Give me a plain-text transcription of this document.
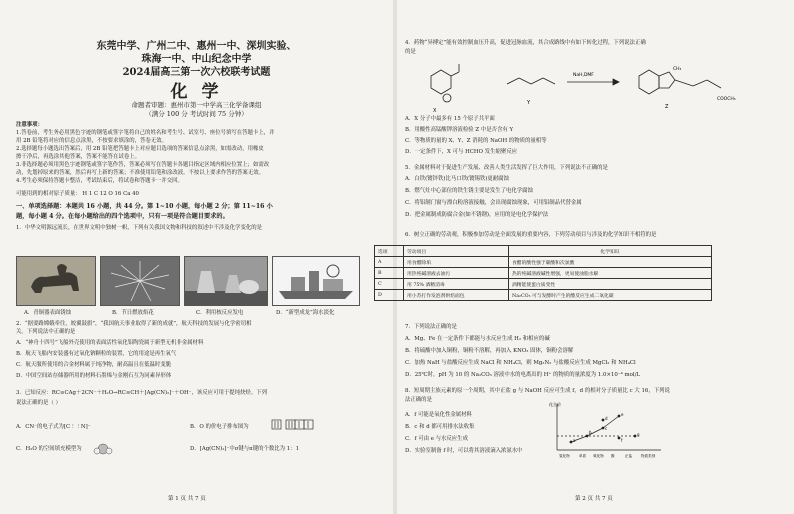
东莞中学、广州二中、惠州一中、深圳实验、
珠海一中、中山纪念中学
2024届高三第一次六校联考试题
化 学
命题者审题：惠州市第一中学高三化学备课组
（满分 100 分 考试时间 75 分钟）
注意事项：
1.答卷前，考生务必用黑色字迹的钢笔或签字笔将自己的姓名和考生号、试室号、座位号填写在答题卡上，并
用 2B 铅笔将对应的信息点涂黑，不按要求填涂的，答卷无效。
2.选择题每小题选出答案后，用 2B 铅笔把答题卡上对应题目选项的答案信息点涂黑，如需改动，用橡皮
擦干净后，再选涂其他答案，答案不能答在试卷上。
3.非选择题必须用黑色字迹钢笔或签字笔作答，答案必须写在答题卡各题目指定区域内相应位置上；如需改
动，先划掉原来的答案，然后再写上新的答案；不准使用铅笔和涂改液。不按以上要求作答的答案无效。
4.考生必须保持答题卡整洁，考试结束后，将试卷和答题卡一并交回。
可能用到的相对原子质量： H 1 C 12 O 16 Ca 40
一、单项选择题：本题共 16 小题，共 44 分。第 1~10 小题，每小题 2 分；第 11~16 小
题，每小题 4 分。在每小题给出的四个选项中，只有一项是符合题目要求的。
1．中华文明源远流长，在世界文明中独树一帜，下列有关我国文物和科技的叙述中不涉及化学变化的是
A．青铜器表面锈蚀	B．节日燃放焰花	C．利用核反应发电	D．“新型成龙”海水淡化
2．“据要路嫦娥牵往，皎翼鼓旗”，“我国航天事业取得了新的成就”，航天科技的发展与化学密切相
关。下列说法中正确的是
A．“神舟十四号”飞船外壳使用的表面活性氧化铝陶瓷属于新型无机非金属材料
B．航天飞船内安装盛有过氧化钠颗粒的装置，它的用途是再生氧气
C．航天服所使用的合金材料属于纯净物，耐高温且在低温时变脆
D．中国空间站存储器所用的材料石墨烯与金刚石互为同素异形体
3．已知反应：RC≡CAg＋2CN⁻＋H₂O→RC≡CH＋[Ag(CN)₂]⁻＋OH⁻，该反应可用于提纯炔烃。下列
说法正确的是（ ）
A．CN⁻的电子式为[C⋮⋮N]⁻	B．O 的价电子排布图为
C．H₂O 的空间填充模型为	D．[Ag(CN)₂]⁻中σ键与π键的个数比为 1：1
第 1 页 共 7 页
4．药物“异搏定”能有效控制血压升高，促进冠脉血流，其合成路线中有如下转化过程，下列说法正确
的是
X
Y
Z
NaH,DMF
CH₃
COOCH₃
A．X 分子中最多有 15 个原子共平面
B．用酸性高锰酸钾溶液检验 Z 中是否含有 Y
C．等物质的量的 X、Y、Z 消耗的 NaOH 的物质的量相等
D．一定条件下，X 可与 HCHO 发生缩聚反应
5．金属材料对于促进生产发展、改善人类生活发挥了巨大作用，下列说法不正确的是
A．白铁(镀锌铁)比马口铁(镀锡铁)更耐腐蚀
B．燃气灶中心部位的铁生锈主要是发生了电化学腐蚀
C．将铝制门窗与漂白粉溶液接触，会出现腐蚀现象，可用铝制品代替金属
D．把金属制成防腐合金(如不锈钢)，应用的是电化学保护法
6．树立正确的劳动观，积极参加劳动是全面发展的重要内容，下列劳动项目与涉及的化学知识不相符的是
选项	劳动项目	化学知识
A	用食醋除垢	食醋的酸性强于碳酸和次氯酸
B	用热纯碱溶液去油污	热的纯碱溶液碱性增强，更易使油脂水解
C	用 75% 酒精消毒	酒精能使蛋白质变性
D	用小苏打作发泡剂烘焙面包	Na₂CO₃ 可与发酵时产生的酸反应生成二氧化碳
7．下列说法正确的是
A．Mg、Fe 在一定条件下都能与水反应生成 H₂ 和相应的碱
B．将硫酸中加入铜粉，铜粉不溶解，再加入 KNO₃ 固体，铜粉会溶解
C．加热 NaH 与盐酸反应生成 NaCl 和 NH₄Cl，则 Mg₃N₂ 与盐酸反应生成 MgCl₂ 和 NH₄Cl
D．25℃时，pH 为 10 的 Na₂CO₃ 溶液中水的电离出的 H⁺ 的物质的量浓度为 1.0×10⁻⁴ mol/L
8．短周期主族元素的原一个周期，其中正盐 g 与 NaOH 反应可生成 f，d 的相对分子质量比 c 大 16，下列说
法正确的是
A．f 可能是氧化性金属材料
B．c 和 d 都可用排水法收集
C．f 可由 e 与水反应生成
D．实验室制备 f 时，可以将其溶液滴入浓氨水中
化合价
a
b
c
d
e
f
g
氢化物	单质 氧化物 酸	正盐 物质类别
第 2 页 共 7 页
